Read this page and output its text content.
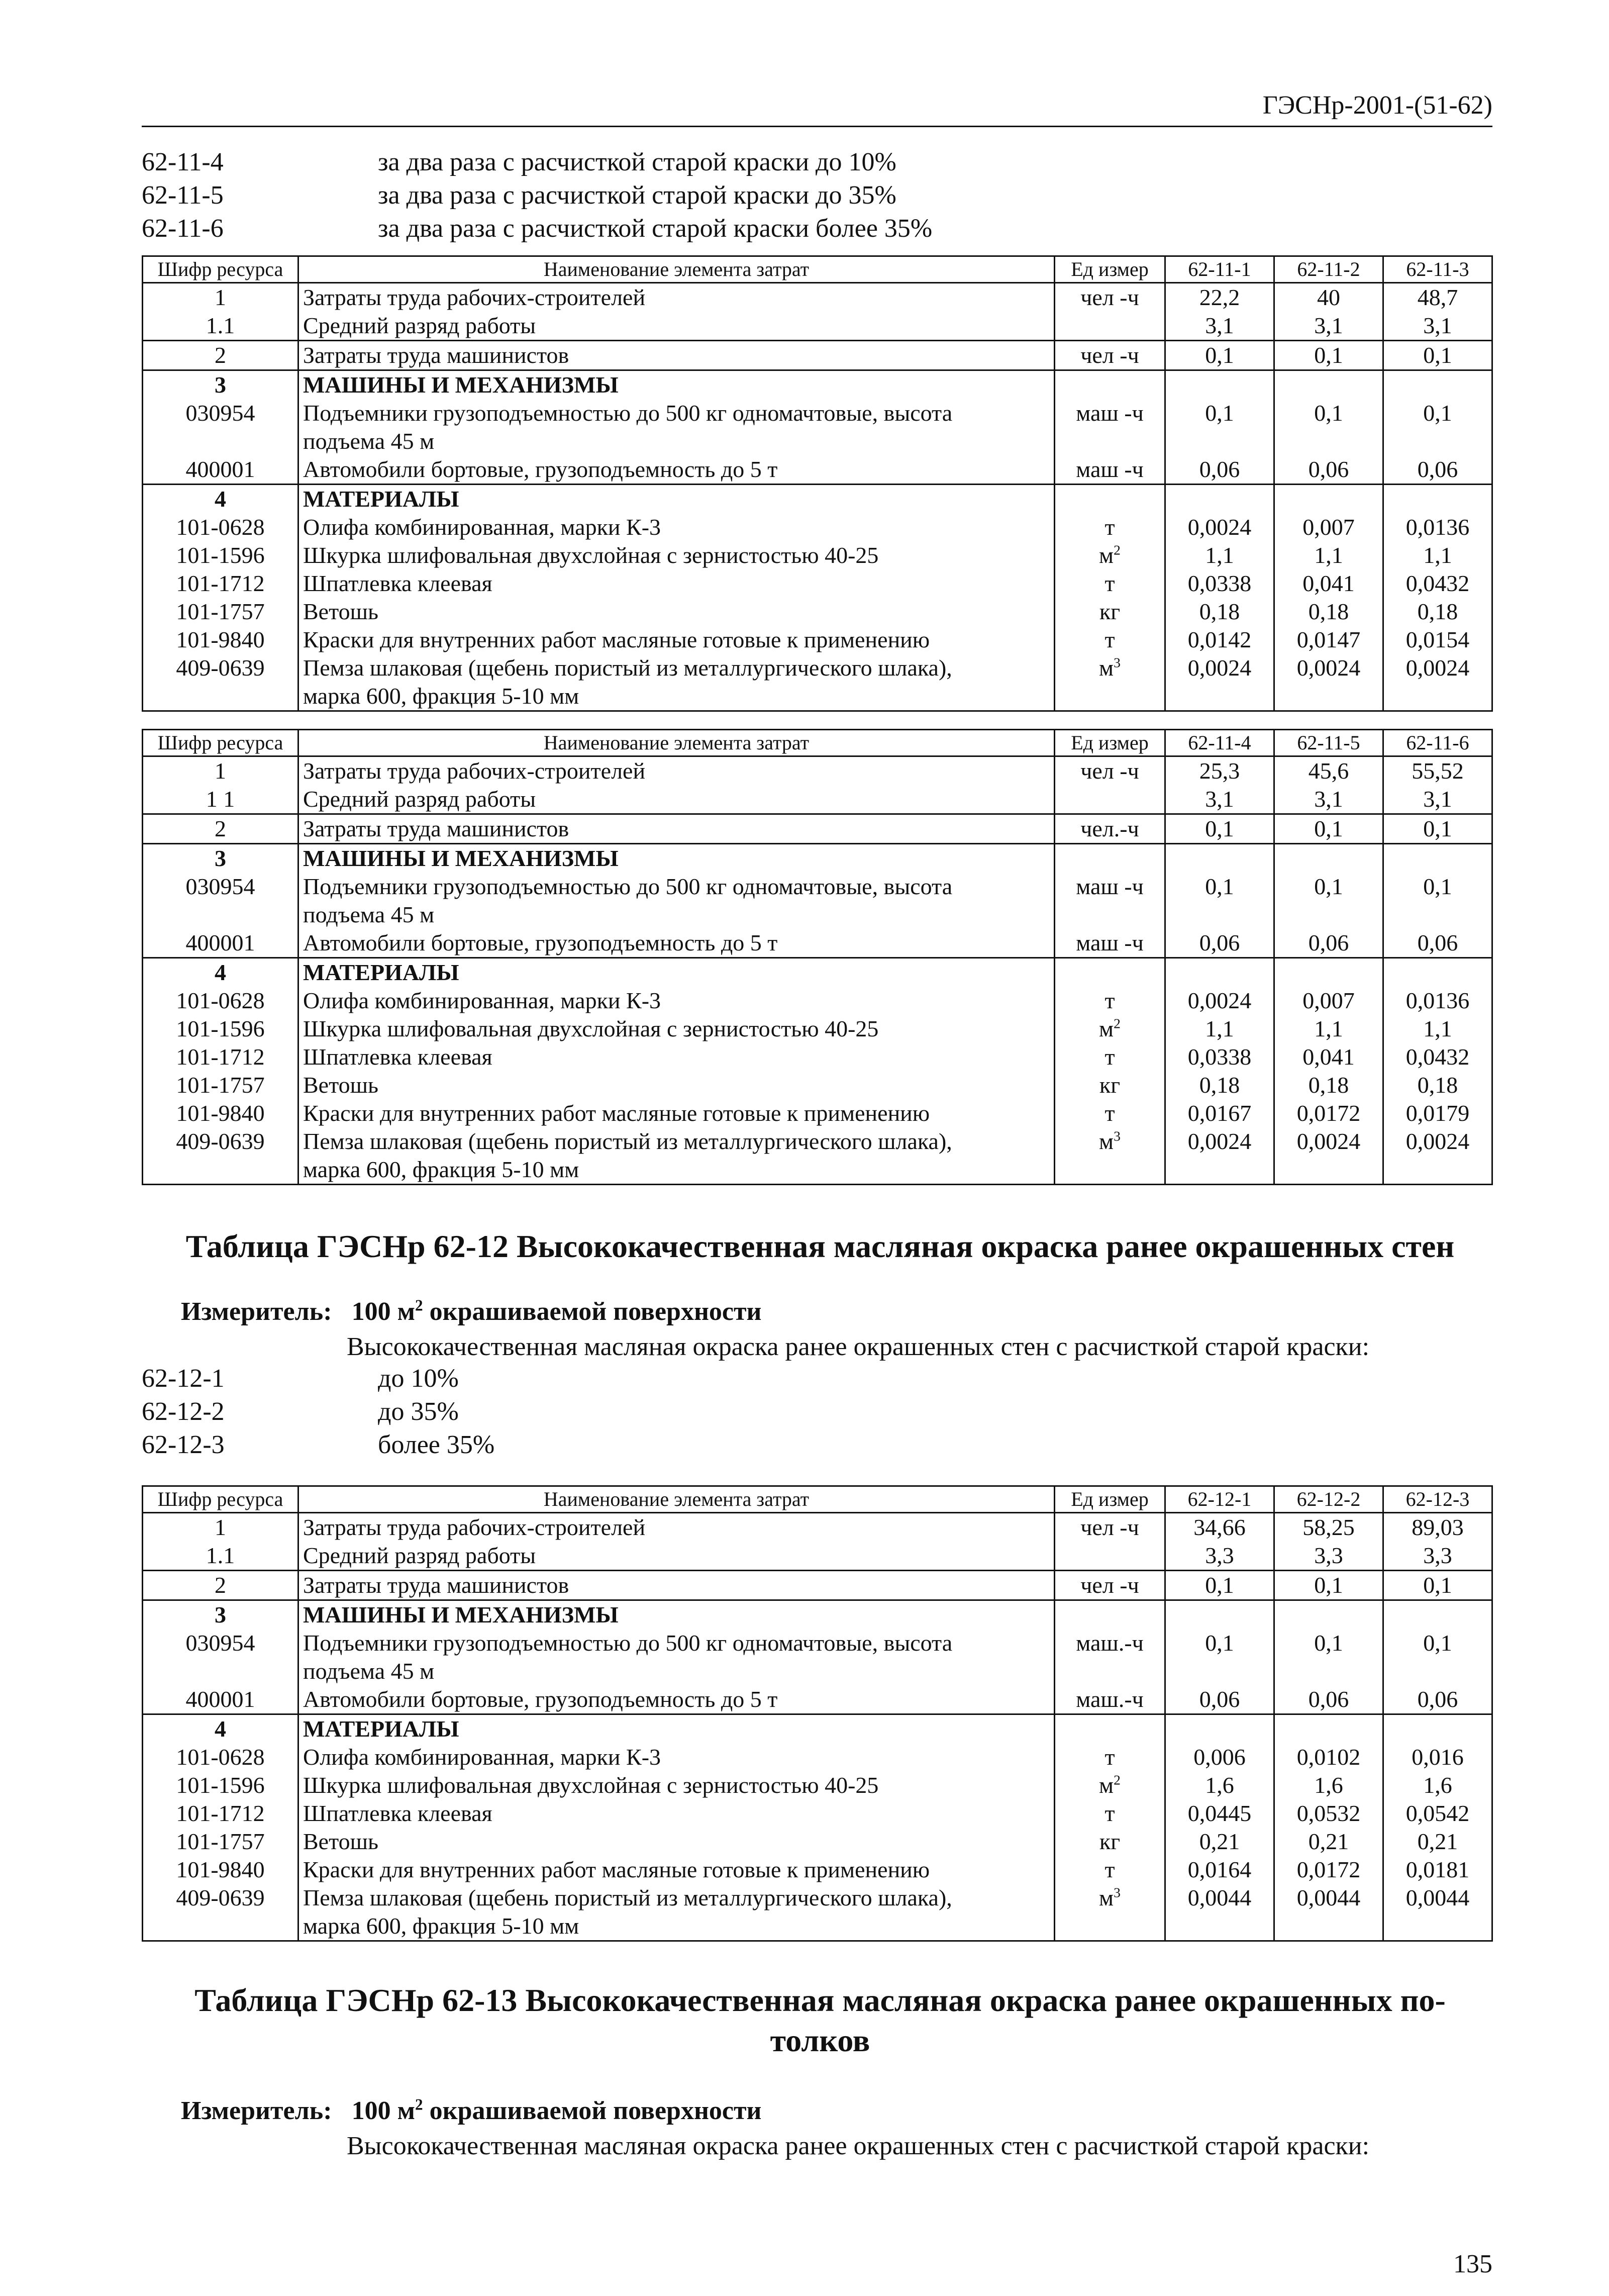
ГЭСНр-2001-(51-62)
62-11-4	за два раза с расчисткой старой краски до 10%
62-11-5	за два раза с расчисткой старой краски до 35%
62-11-6	за два раза с расчисткой старой краски более 35%
Шифр ресурса	Наименование элемента затрат	Ед измер	62-11-1	62-11-2	62-11-3
1	Затраты труда рабочих-строителей	чел -ч	22,2	40	48,7
1.1	Средний разряд работы		3,1	3,1	3,1
2	Затраты труда машинистов	чел -ч	0,1	0,1	0,1
3	МАШИНЫ И МЕХАНИЗМЫ				
030954	Подъемники грузоподъемностью до 500 кг одномачтовые, высота	маш -ч	0,1	0,1	0,1
	подъема 45 м				
400001	Автомобили бортовые, грузоподъемность до 5 т	маш -ч	0,06	0,06	0,06
4	МАТЕРИАЛЫ				
101-0628	Олифа комбинированная, марки К-3	т	0,0024	0,007	0,0136
101-1596	Шкурка шлифовальная двухслойная с зернистостью 40-25	$м^2$	1,1	1,1	1,1
101-1712	Шпатлевка клеевая	т	0,0338	0,041	0,0432
101-1757	Ветошь	кг	0,18	0,18	0,18
101-9840	Краски для внутренних работ масляные готовые к применению	т	0,0142	0,0147	0,0154
409-0639	Пемза шлаковая (щебень пористый из металлургического шлака),	$м^3$	0,0024	0,0024	0,0024
	марка 600, фракция 5-10 мм				
Шифр ресурса	Наименование элемента затрат	Ед измер	62-11-4	62-11-5	62-11-6
1	Затраты труда рабочих-строителей	чел -ч	25,3	45,6	55,52
1 1	Средний разряд работы		3,1	3,1	3,1
2	Затраты труда машинистов	чел.-ч	0,1	0,1	0,1
3	МАШИНЫ И МЕХАНИЗМЫ				
030954	Подъемники грузоподъемностью до 500 кг одномачтовые, высота	маш -ч	0,1	0,1	0,1
	подъема 45 м				
400001	Автомобили бортовые, грузоподъемность до 5 т	маш -ч	0,06	0,06	0,06
4	МАТЕРИАЛЫ				
101-0628	Олифа комбинированная, марки К-3	т	0,0024	0,007	0,0136
101-1596	Шкурка шлифовальная двухслойная с зернистостью 40-25	$м^2$	1,1	1,1	1,1
101-1712	Шпатлевка клеевая	т	0,0338	0,041	0,0432
101-1757	Ветошь	кг	0,18	0,18	0,18
101-9840	Краски для внутренних работ масляные готовые к применению	т	0,0167	0,0172	0,0179
409-0639	Пемза шлаковая (щебень пористый из металлургического шлака),	$м^3$	0,0024	0,0024	0,0024
	марка 600, фракция 5-10 мм				
Таблица ГЭСНр 62-12 Высококачественная масляная окраска ранее окрашенных стен
Измеритель: 100 $м^2$ окрашиваемой поверхности
Высококачественная масляная окраска ранее окрашенных стен с расчисткой старой краски:
62-12-1	до 10%
62-12-2	до 35%
62-12-3	более 35%
Шифр ресурса	Наименование элемента затрат	Ед измер	62-12-1	62-12-2	62-12-3
1	Затраты труда рабочих-строителей	чел -ч	34,66	58,25	89,03
1.1	Средний разряд работы		3,3	3,3	3,3
2	Затраты труда машинистов	чел -ч	0,1	0,1	0,1
3	МАШИНЫ И МЕХАНИЗМЫ				
030954	Подъемники грузоподъемностью до 500 кг одномачтовые, высота	маш.-ч	0,1	0,1	0,1
	подъема 45 м				
400001	Автомобили бортовые, грузоподъемность до 5 т	маш.-ч	0,06	0,06	0,06
4	МАТЕРИАЛЫ				
101-0628	Олифа комбинированная, марки К-3	т	0,006	0,0102	0,016
101-1596	Шкурка шлифовальная двухслойная с зернистостью 40-25	$м^2$	1,6	1,6	1,6
101-1712	Шпатлевка клеевая	т	0,0445	0,0532	0,0542
101-1757	Ветошь	кг	0,21	0,21	0,21
101-9840	Краски для внутренних работ масляные готовые к применению	т	0,0164	0,0172	0,0181
409-0639	Пемза шлаковая (щебень пористый из металлургического шлака),	$м^3$	0,0044	0,0044	0,0044
	марка 600, фракция 5-10 мм				
Таблица ГЭСНр 62-13 Высококачественная масляная окраска ранее окрашенных по-
толков
Измеритель: 100 $м^2$ окрашиваемой поверхности
Высококачественная масляная окраска ранее окрашенных стен с расчисткой старой краски:
135
